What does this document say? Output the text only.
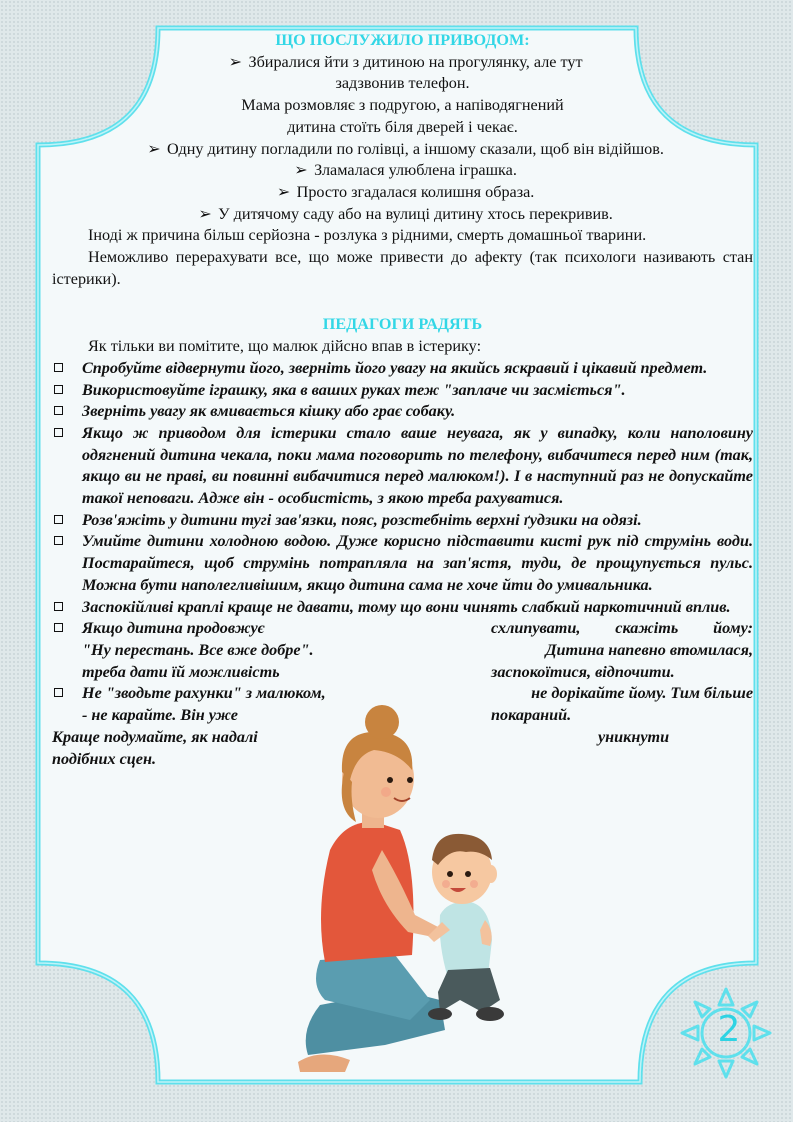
ЩО ПОСЛУЖИЛО ПРИВОДОМ:

➢ Збиралися йти з дитиною на прогулянку, але тут

задзвонив телефон.

Мама розмовляє з подругою, а напіводягнений

дитина стоїть біля дверей і чекає.

➢ Одну дитину погладили по голівці, а іншому сказали, щоб він відійшов.

➢ Зламалася улюблена іграшка.

➢ Просто згадалася колишня образа.

➢ У дитячому саду або на вулиці дитину хтось перекривив.

Іноді ж причина більш серйозна - розлука з рідними, смерть домашньої тварини.

Неможливо перерахувати все, що може привести до афекту (так психологи називають стан істерики).

ПЕДАГОГИ РАДЯТЬ

Як тільки ви помітите, що малюк дійсно впав в істерику:

Спробуйте відвернути його, зверніть його увагу на якийсь яскравий і цікавий предмет.
Використовуйте іграшку, яка в ваших руках теж "заплаче чи засміється".
Зверніть увагу як вмивається кішку або грає собаку.
Якщо ж приводом для істерики стало ваше неувага, як у випадку, коли наполовину одягнений дитина чекала, поки мама поговорить по телефону, вибачитеся перед ним (так, якщо ви не праві, ви повинні вибачитися перед малюком!). І в наступний раз не допускайте такої неповаги. Адже він - особистість, з якою треба рахуватися.
Розв'яжіть у дитини тугі зав'язки, пояс, розстебніть верхні ґудзики на одязі.
Умийте дитини холодною водою. Дуже корисно підставити кисті рук під струмінь води. Постарайтеся, щоб струмінь потрапляла на зап'ястя, туди, де прощупується пульс. Можна бути наполегливішим, якщо дитина сама не хоче йти до умивальника.
Заспокійливі краплі краще не давати, тому що вони чинять слабкий наркотичний вплив.
Якщо дитина продовжує	схлипувати, скажіть йому:
"Ну перестань. Все вже добре".	Дитина напевно втомилася,
треба дати їй можливість	заспокоїтися, відпочити.
Не "зводьте рахунки" з малюком,	не дорікайте йому. Тим більше
- не карайте. Він уже	покараний.
Краще подумайте, як надалі	уникнути
подібних сцен.
2
